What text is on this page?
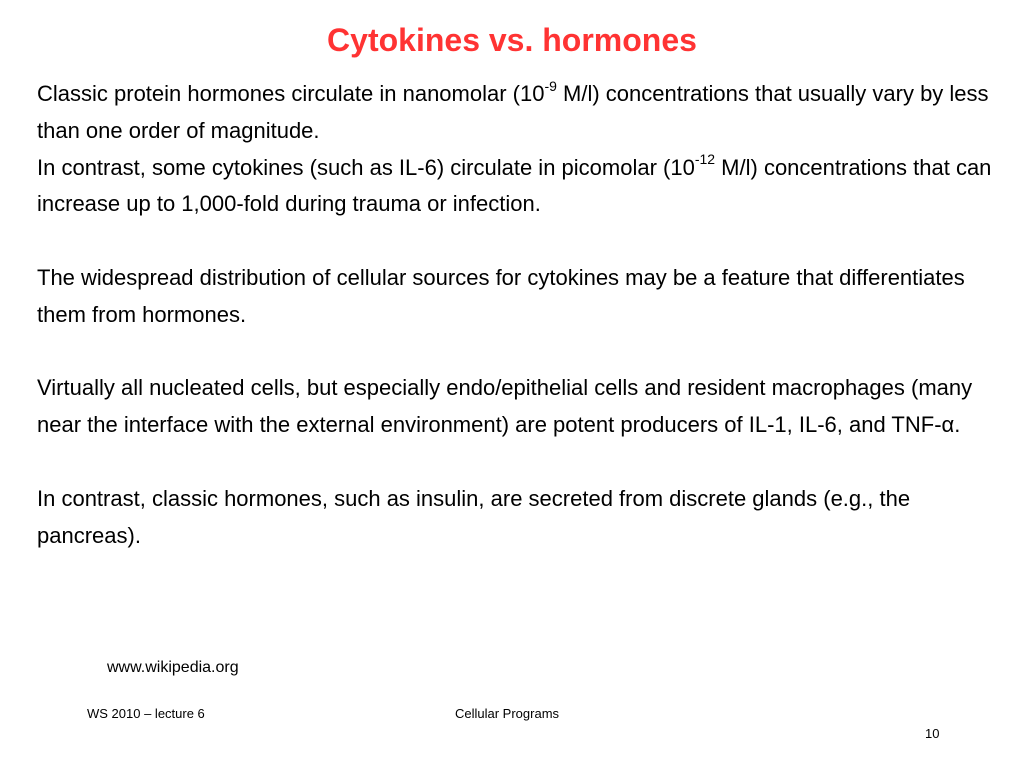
Cytokines vs. hormones

Classic protein hormones circulate in nanomolar ($10^{-9}$ M/l) concentrations that usually vary by less than one order of magnitude.

In contrast, some cytokines (such as IL-6) circulate in picomolar ($10^{-12}$ M/l) concentrations that can increase up to 1,000-fold during trauma or infection.

The widespread distribution of cellular sources for cytokines may be a feature that differentiates them from hormones.

Virtually all nucleated cells, but especially endo/epithelial cells and resident macrophages (many near the interface with the external environment) are potent producers of IL-1, IL-6, and TNF-α.

In contrast, classic hormones, such as insulin, are secreted from discrete glands (e.g., the pancreas).

www.wikipedia.org
WS 2010 – lecture 6	Cellular Programs
10
